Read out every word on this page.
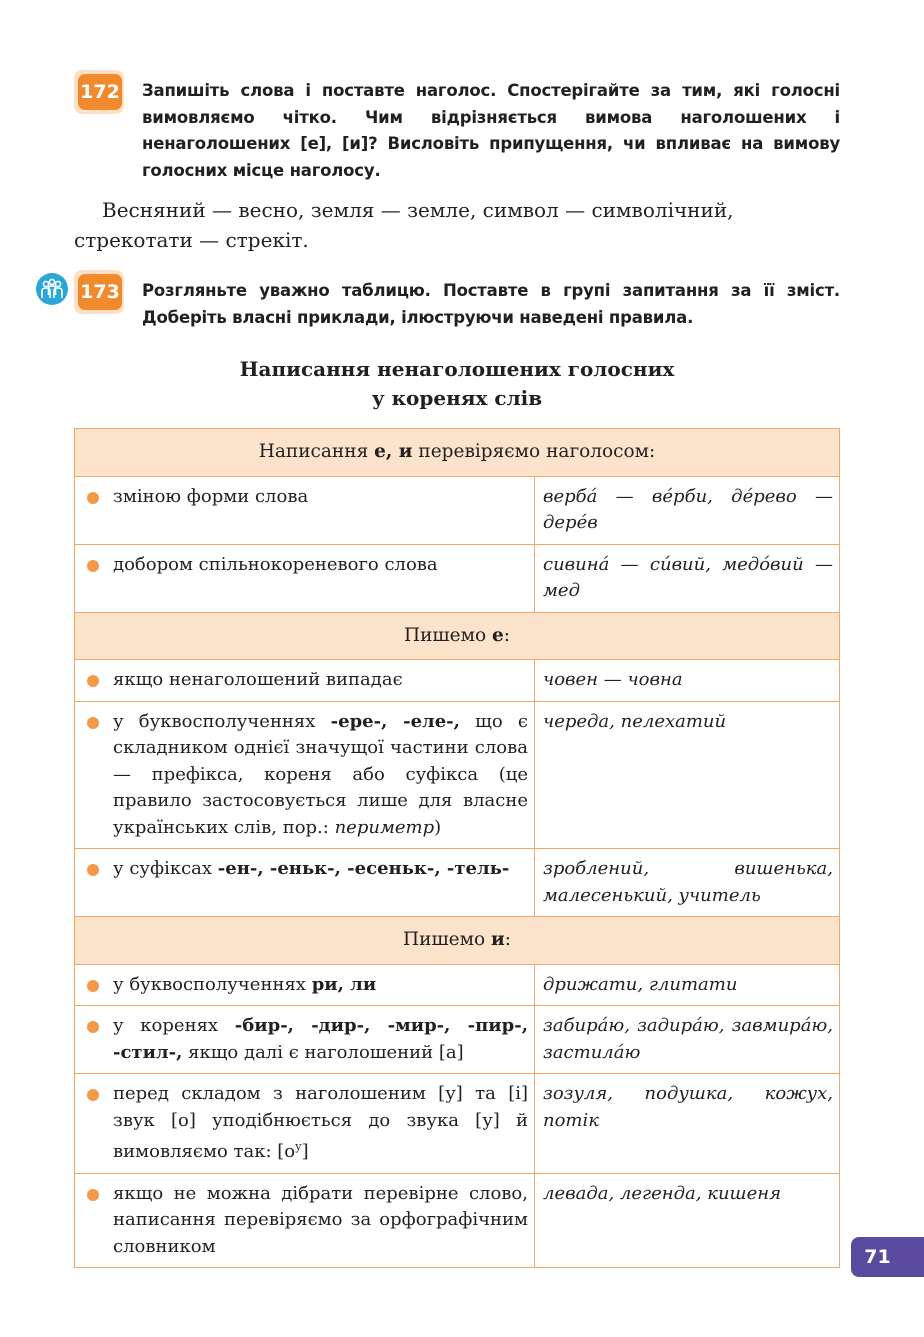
172 Запишіть слова і поставте наголос. Спостерігайте за тим, які голосні вимовляємо чітко. Чим відрізняється вимова наголошених і ненаголошених [е], [и]? Висловіть припущення, чи впливає на вимову голосних місце наголосу.
Весняний — весно, земля — земле, символ — символічний,
стрекотати — стрекіт.
173 Розгляньте уважно таблицю. Поставте в групі запитання за її зміст. Доберіть власні приклади, ілюструючи наведені правила.
Написання ненаголошених голосних
у коренях слів
Написання е, и перевіряємо наголосом:	

зміною форми слова	верба́ — ве́рби, де́рево — дере́в

добором спільнокореневого слова	сивина́ — си́вий, медо́вий — мед
Пишемо е:	

якщо ненаголошений випадає	човен — човна

у буквосполученнях -ере-, -еле-, що є складником однієї значущої частини слова — префікса, кореня або суфікса (це правило застосовується лише для власне українських слів, пор.: периметр)	череда, пелехатий

у суфіксах -ен-, -еньк-, -есеньк-, -тель-	зроблений, вишенька, малесенький, учитель
Пишемо и:	

у буквосполученнях ри, ли	дрижати, глитати

у коренях -бир-, -дир-, -мир-, -пир-, -стил-, якщо далі є наголошений [а]	забира́ю, задира́ю, завмира́ю, застила́ю

перед складом з наголошеним [у] та [і] звук [о] уподібнюється до звука [у] й вимовляємо так: $[о^у]$	зозуля, подушка, кожух, потік

якщо не можна дібрати перевірне слово, написання перевіряємо за орфографічним словником	левада, легенда, кишеня
71
